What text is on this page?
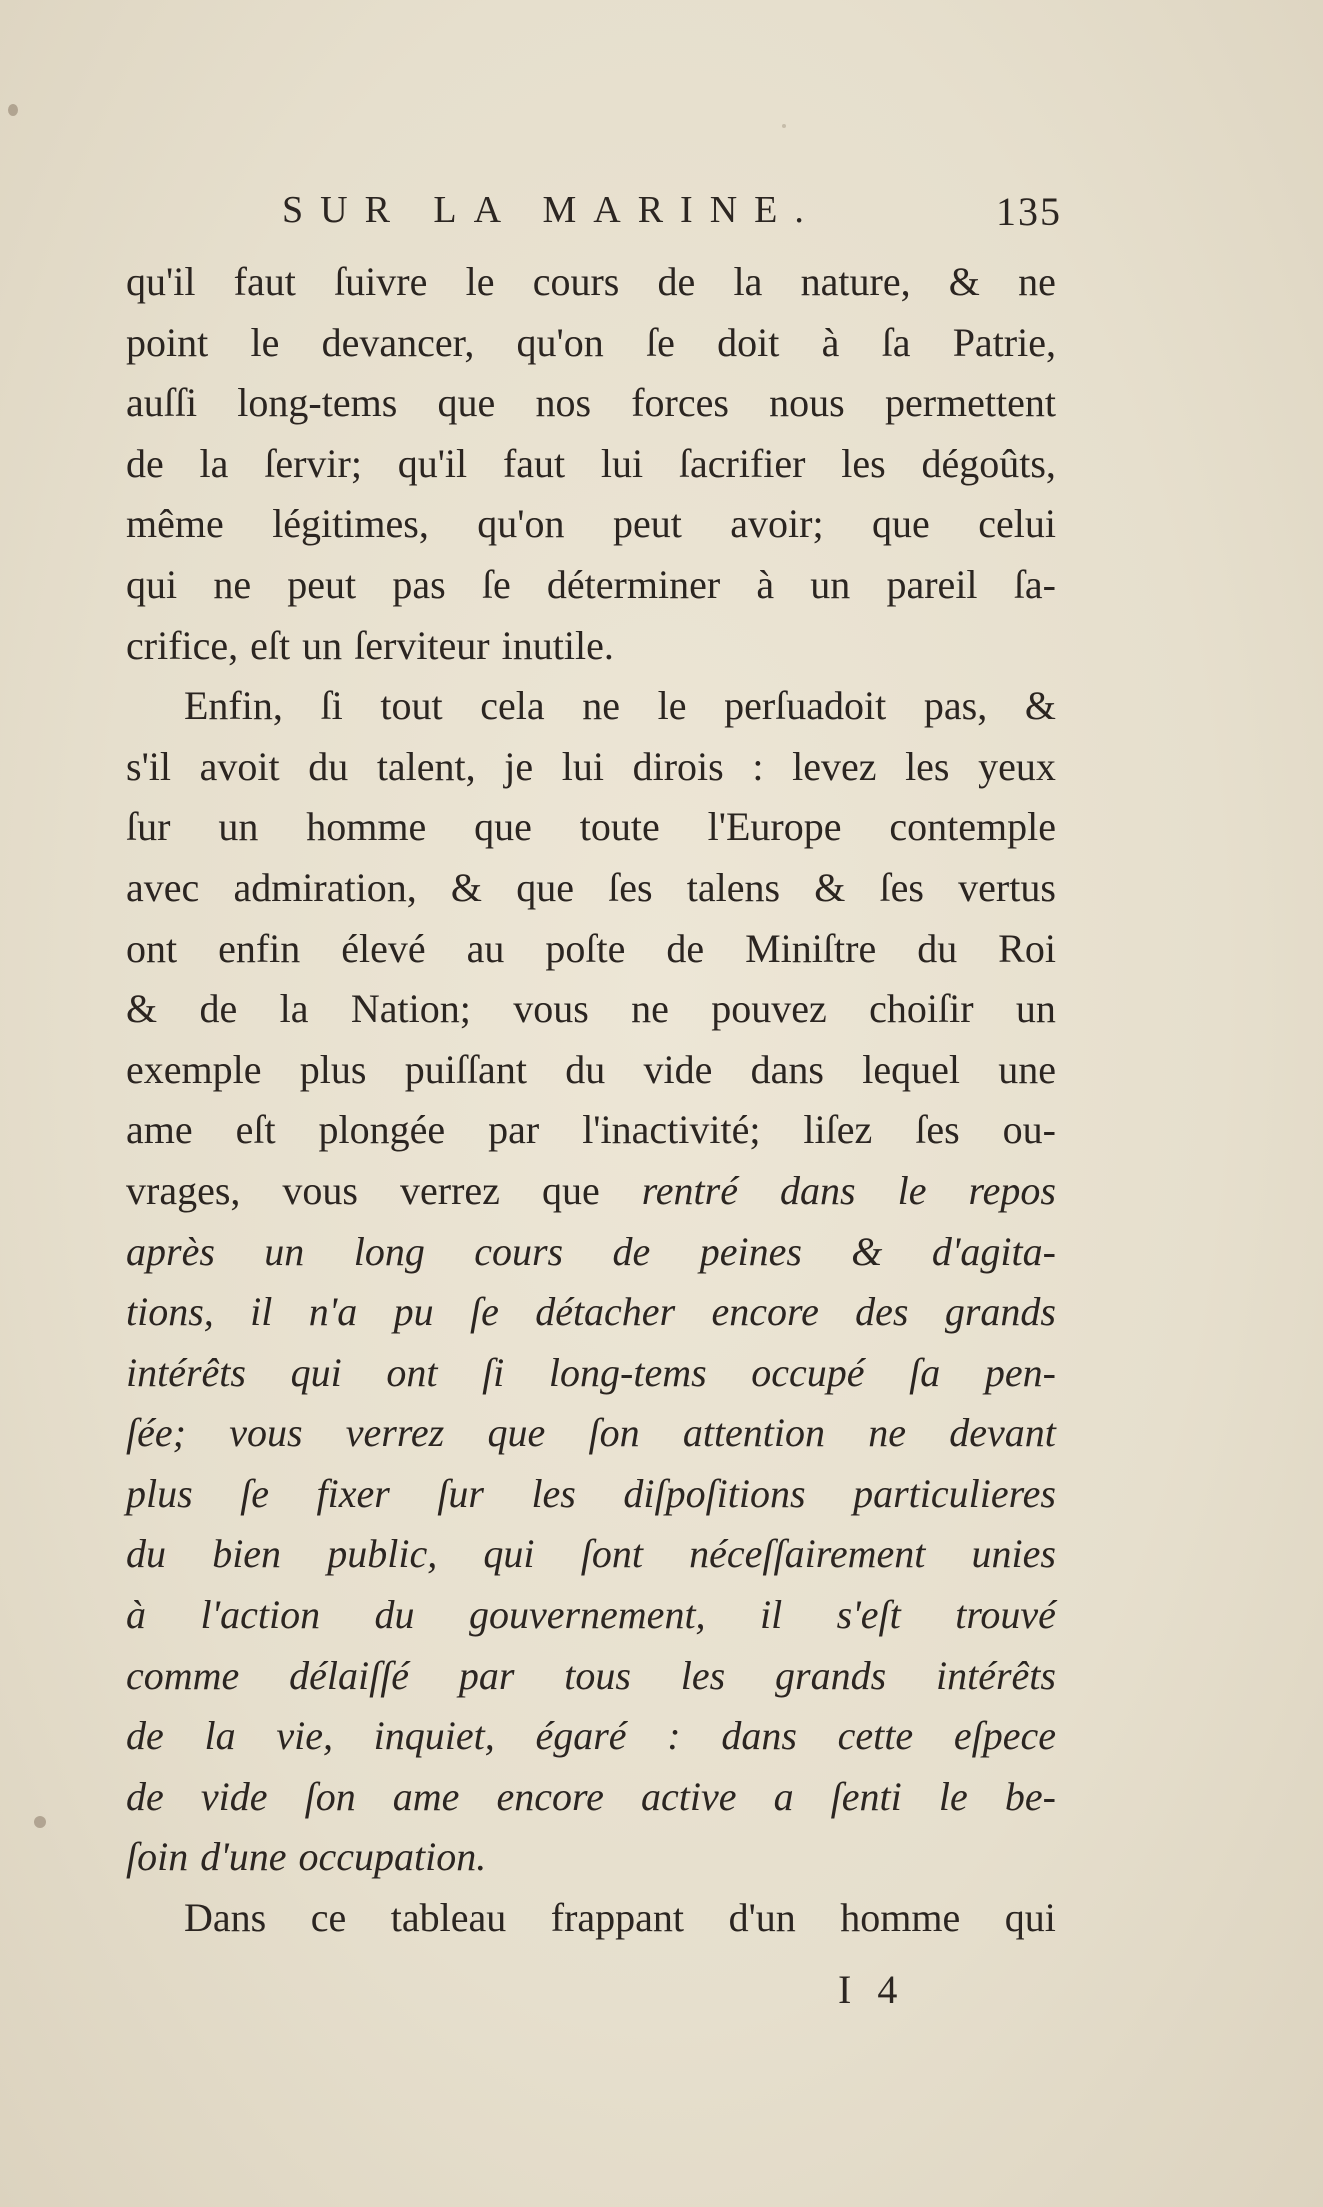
SUR LA MARINE.	135
qu'il faut ſuivre le cours de la nature, & ne
point le devancer, qu'on ſe doit à ſa Patrie,
auſſi long-tems que nos forces nous permettent
de la ſervir; qu'il faut lui ſacrifier les dégoûts,
même légitimes, qu'on peut avoir; que celui
qui ne peut pas ſe déterminer à un pareil ſa-
crifice, eſt un ſerviteur inutile.
Enfin, ſi tout cela ne le perſuadoit pas, &
s'il avoit du talent, je lui dirois : levez les yeux
ſur un homme que toute l'Europe contemple
avec admiration, & que ſes talens & ſes vertus
ont enfin élevé au poſte de Miniſtre du Roi
& de la Nation; vous ne pouvez choiſir un
exemple plus puiſſant du vide dans lequel une
ame eſt plongée par l'inactivité; liſez ſes ou-
vrages, vous verrez que rentré dans le repos
après un long cours de peines & d'agita-
tions, il n'a pu ſe détacher encore des grands
intérêts qui ont ſi long-tems occupé ſa pen-
ſée; vous verrez que ſon attention ne devant
plus ſe fixer ſur les diſpoſitions particulieres
du bien public, qui ſont néceſſairement unies
à l'action du gouvernement, il s'eſt trouvé
comme délaiſſé par tous les grands intérêts
de la vie, inquiet, égaré : dans cette eſpece
de vide ſon ame encore active a ſenti le be-
ſoin d'une occupation.
Dans ce tableau frappant d'un homme qui
I 4
